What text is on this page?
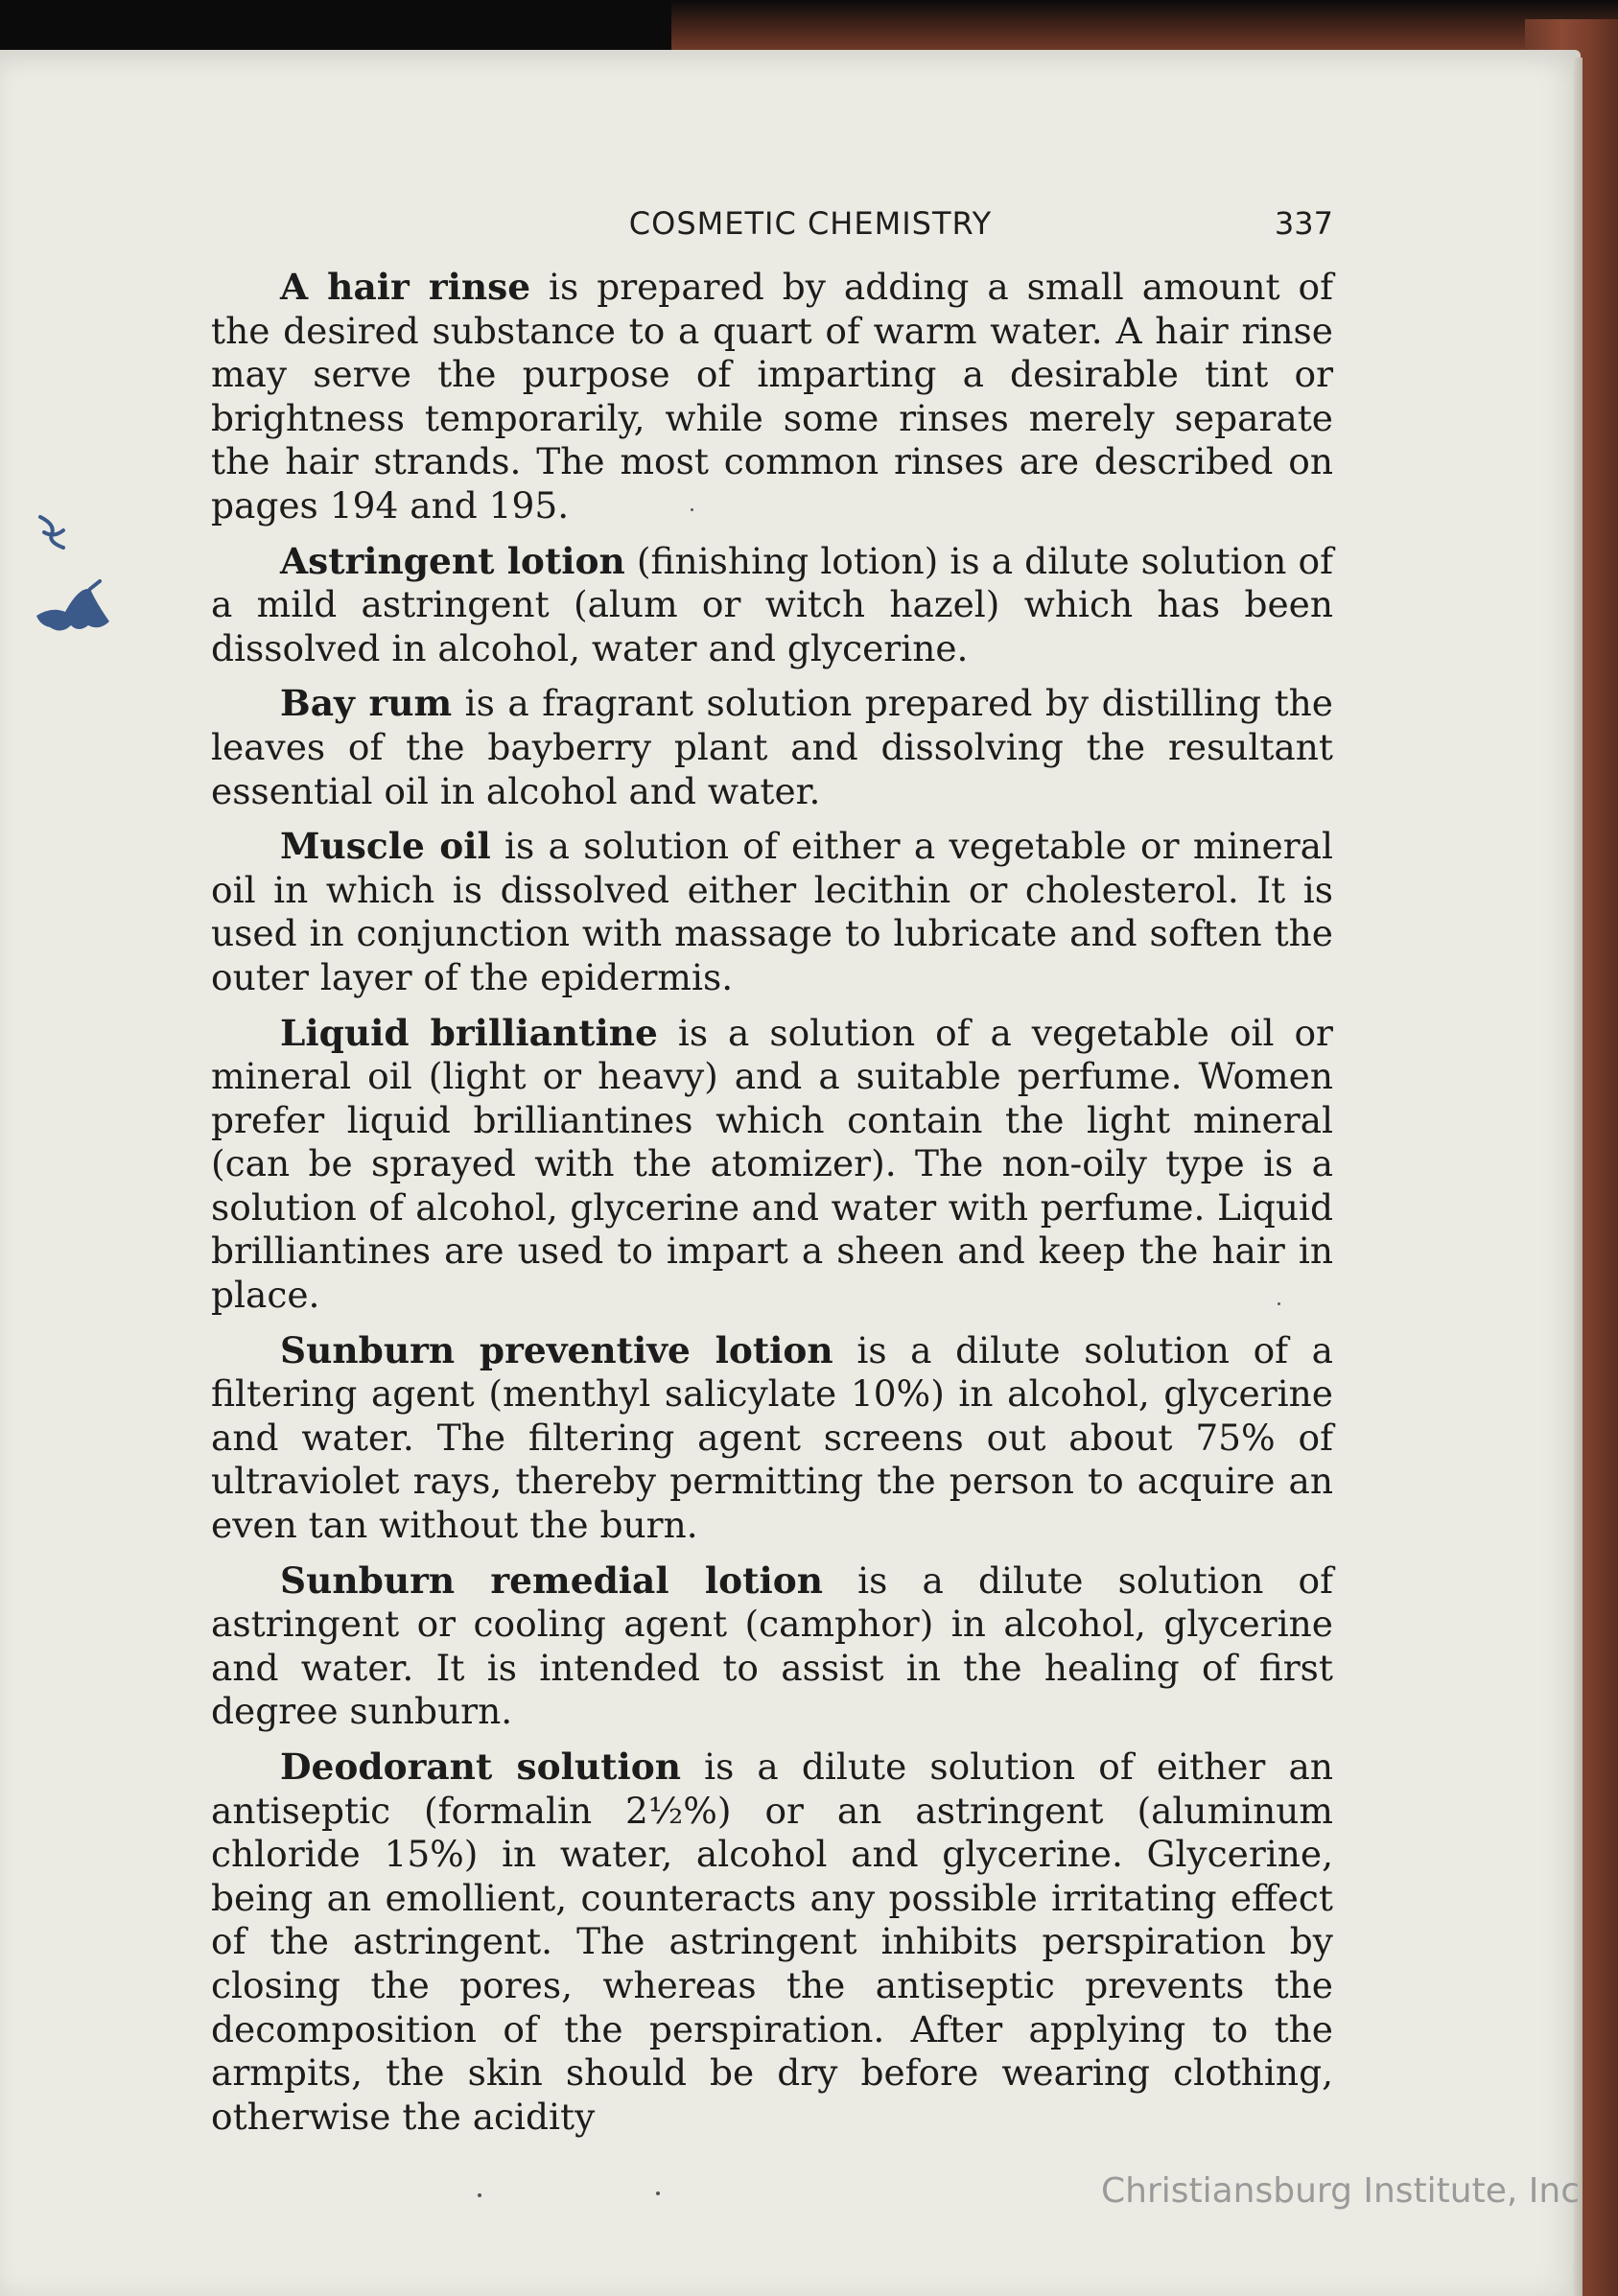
COSMETIC CHEMISTRY	337

A hair rinse is prepared by adding a small amount of the desired substance to a quart of warm water. A hair rinse may serve the purpose of imparting a desirable tint or brightness temporarily, while some rinses merely separate the hair strands. The most common rinses are described on pages 194 and 195.

Astringent lotion (finishing lotion) is a dilute solution of a mild astringent (alum or witch hazel) which has been dissolved in alcohol, water and glycerine.

Bay rum is a fragrant solution prepared by distilling the leaves of the bayberry plant and dissolving the resultant essential oil in alcohol and water.

Muscle oil is a solution of either a vegetable or mineral oil in which is dissolved either lecithin or cholesterol. It is used in conjunction with massage to lubricate and soften the outer layer of the epidermis.

Liquid brilliantine is a solution of a vegetable oil or mineral oil (light or heavy) and a suitable perfume. Women prefer liquid brilliantines which contain the light mineral (can be sprayed with the atomizer). The non-oily type is a solution of alcohol, glycerine and water with perfume. Liquid brilliantines are used to impart a sheen and keep the hair in place.

Sunburn preventive lotion is a dilute solution of a filtering agent (menthyl salicylate 10%) in alcohol, glycerine and water. The filtering agent screens out about 75% of ultraviolet rays, thereby permitting the person to acquire an even tan without the burn.

Sunburn remedial lotion is a dilute solution of astringent or cooling agent (camphor) in alcohol, glycerine and water. It is intended to assist in the healing of first degree sunburn.

Deodorant solution is a dilute solution of either an antiseptic (formalin 2½%) or an astringent (aluminum chloride 15%) in water, alcohol and glycerine. Glycerine, being an emollient, counteracts any possible irritating effect of the astringent. The astringent inhibits perspiration by closing the pores, whereas the antiseptic prevents the decomposition of the perspiration. After applying to the armpits, the skin should be dry before wearing clothing, otherwise the acidity

Christiansburg Institute, Inc
